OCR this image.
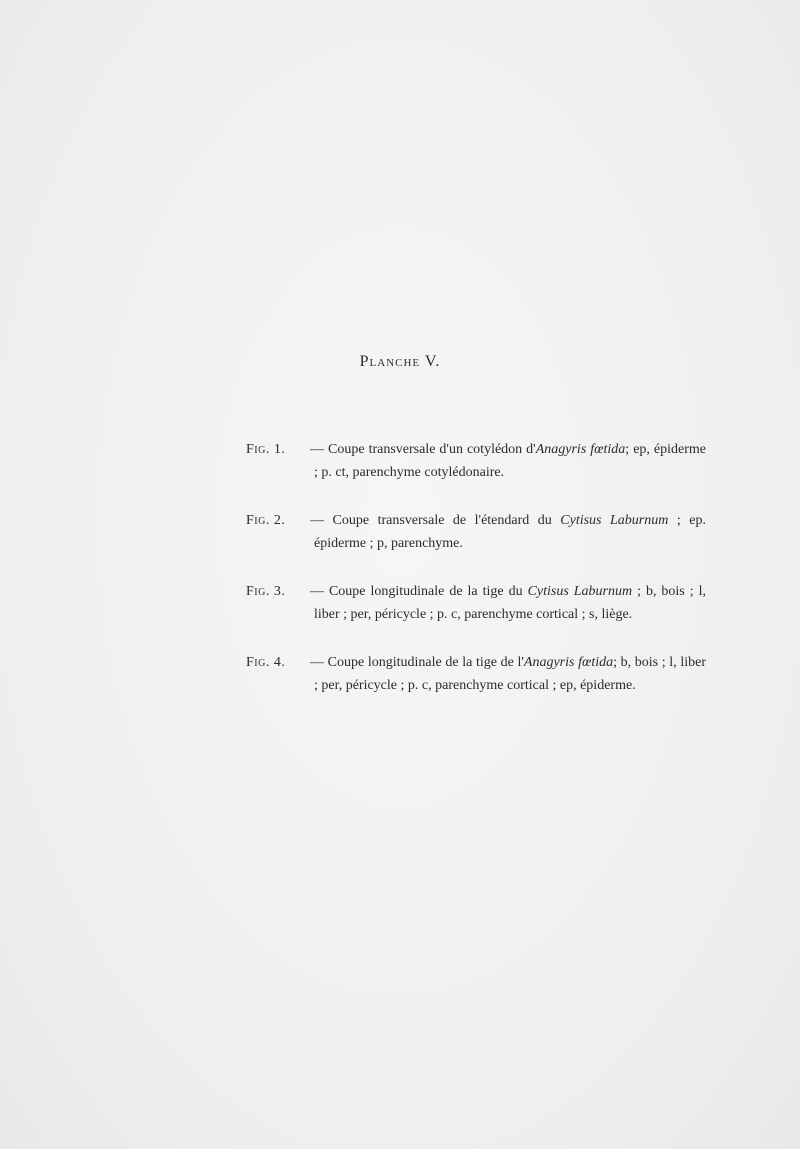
Planche V.
Fig. 1.	— Coupe transversale d'un cotylédon d'Anagyris fœtida; ep, épiderme ; p. ct, parenchyme cotylédonaire.
Fig. 2.	— Coupe transversale de l'étendard du Cytisus Laburnum ; ep. épiderme ; p, parenchyme.
Fig. 3.	— Coupe longitudinale de la tige du Cytisus Laburnum ; b, bois ; l, liber ; per, péricycle ; p. c, parenchyme cortical ; s, liège.
Fig. 4.	— Coupe longitudinale de la tige de l'Anagyris fœtida; b, bois ; l, liber ; per, péricycle ; p. c, parenchyme cortical ; ep, épiderme.
